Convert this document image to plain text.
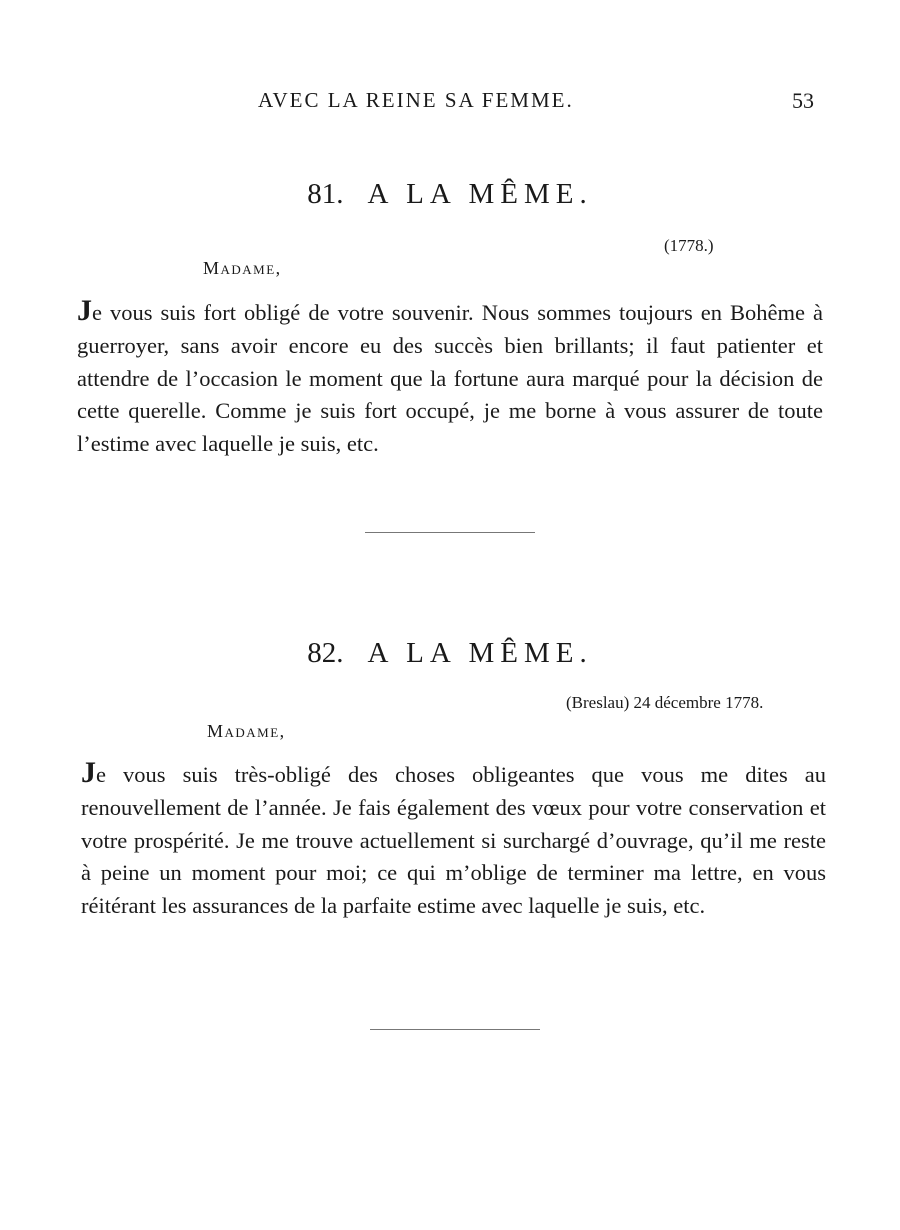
AVEC LA REINE SA FEMME.	53
81. A LA MÊME.
(1778.)
Madame,

Je vous suis fort obligé de votre souvenir. Nous sommes toujours en Bohême à guerroyer, sans avoir encore eu des succès bien brillants; il faut patienter et attendre de l’occasion le moment que la fortune aura marqué pour la décision de cette querelle. Comme je suis fort occupé, je me borne à vous assurer de toute l’estime avec laquelle je suis, etc.

82. A LA MÊME.
(Breslau) 24 décembre 1778.
Madame,

Je vous suis très-obligé des choses obligeantes que vous me dites au renouvellement de l’année. Je fais également des vœux pour votre conservation et votre prospérité. Je me trouve actuellement si surchargé d’ouvrage, qu’il me reste à peine un moment pour moi; ce qui m’oblige de terminer ma lettre, en vous réitérant les assurances de la parfaite estime avec laquelle je suis, etc.
